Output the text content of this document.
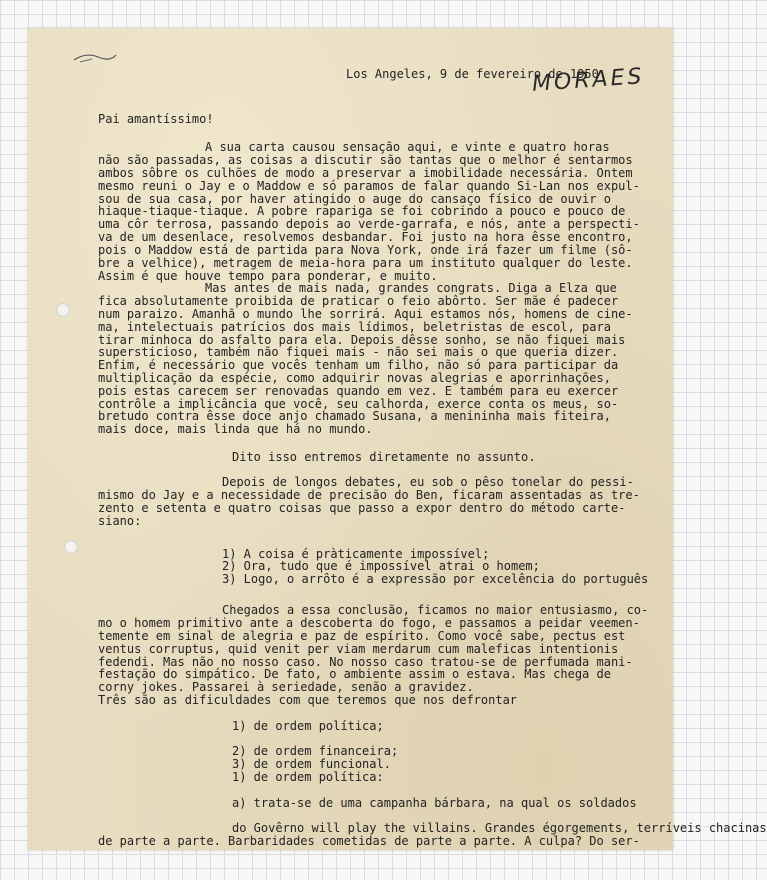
Los Angeles, 9 de fevereiro de 1950
MORAES
Pai amantíssimo!
A sua carta causou sensação aqui, e vinte e quatro horas
não são passadas, as coisas a discutir são tantas que o melhor é sentarmos
ambos sôbre os culhões de modo a preservar a imobilidade necessária. Ontem
mesmo reuni o Jay e o Maddow e só paramos de falar quando Si-Lan nos expul-
sou de sua casa, por haver atingido o auge do cansaço físico de ouvir o
hiaque-tiaque-tiaque. A pobre rapariga se foi cobrindo a pouco e pouco de
uma côr terrosa, passando depois ao verde-garrafa, e nós, ante a perspecti-
va de um desenlace, resolvemos desbandar. Foi justo na hora êsse encontro,
pois o Maddow está de partida para Nova York, onde irá fazer um filme (sô-
bre a velhice), metragem de meia-hora para um instituto qualquer do leste.
Assim é que houve tempo para ponderar, e muito.
Mas antes de mais nada, grandes congrats. Diga a Elza que
fica absolutamente proibida de praticar o feio abôrto. Ser mãe é padecer
num paraizo. Amanhã o mundo lhe sorrirá. Aqui estamos nós, homens de cine-
ma, intelectuais patrícios dos mais lídimos, beletristas de escol, para
tirar minhoca do asfalto para ela. Depois dêsse sonho, se não fiquei mais
supersticioso, também não fiquei mais - não sei mais o que queria dizer.
Enfim, é necessário que vocês tenham um filho, não só para participar da
multiplicação da espécie, como adquirir novas alegrias e aporrinhações,
pois estas carecem ser renovadas quando em vez. E também para eu exercer
contrôle a implicância que você, seu calhorda, exerce conta os meus, so-
bretudo contra êsse doce anjo chamado Susana, a menininha mais fiteira,
mais doce, mais linda que há no mundo.
Dito isso entremos diretamente no assunto.
Depois de longos debates, eu sob o pêso tonelar do pessi-
mismo do Jay e a necessidade de precisão do Ben, ficaram assentadas as tre-
zento e setenta e quatro coisas que passo a expor dentro do método carte-
siano:
1) A coisa é pràticamente impossível;
2) Ora, tudo que é impossível atrai o homem;
3) Logo, o arrôto é a expressão por excelência do português
Chegados a essa conclusão, ficamos no maior entusiasmo, co-
mo o homem primitivo ante a descoberta do fogo, e passamos a peidar veemen-
temente em sinal de alegria e paz de espírito. Como você sabe, pectus est
ventus corruptus, quid venit per viam merdarum cum maleficas intentionis
fedendi. Mas não no nosso caso. No nosso caso tratou-se de perfumada mani-
festação do simpático. De fato, o ambiente assim o estava. Mas chega de
corny jokes. Passarei à seriedade, senão a gravidez.
Três são as dificuldades com que teremos que nos defrontar
1) de ordem política;
2) de ordem financeira;
3) de ordem funcional.
1) de ordem política:
a) trata-se de uma campanha bárbara, na qual os soldados
do Govêrno will play the villains. Grandes égorgements, terríveis chacinas
de parte a parte. Barbaridades cometidas de parte a parte. A culpa? Do ser-
